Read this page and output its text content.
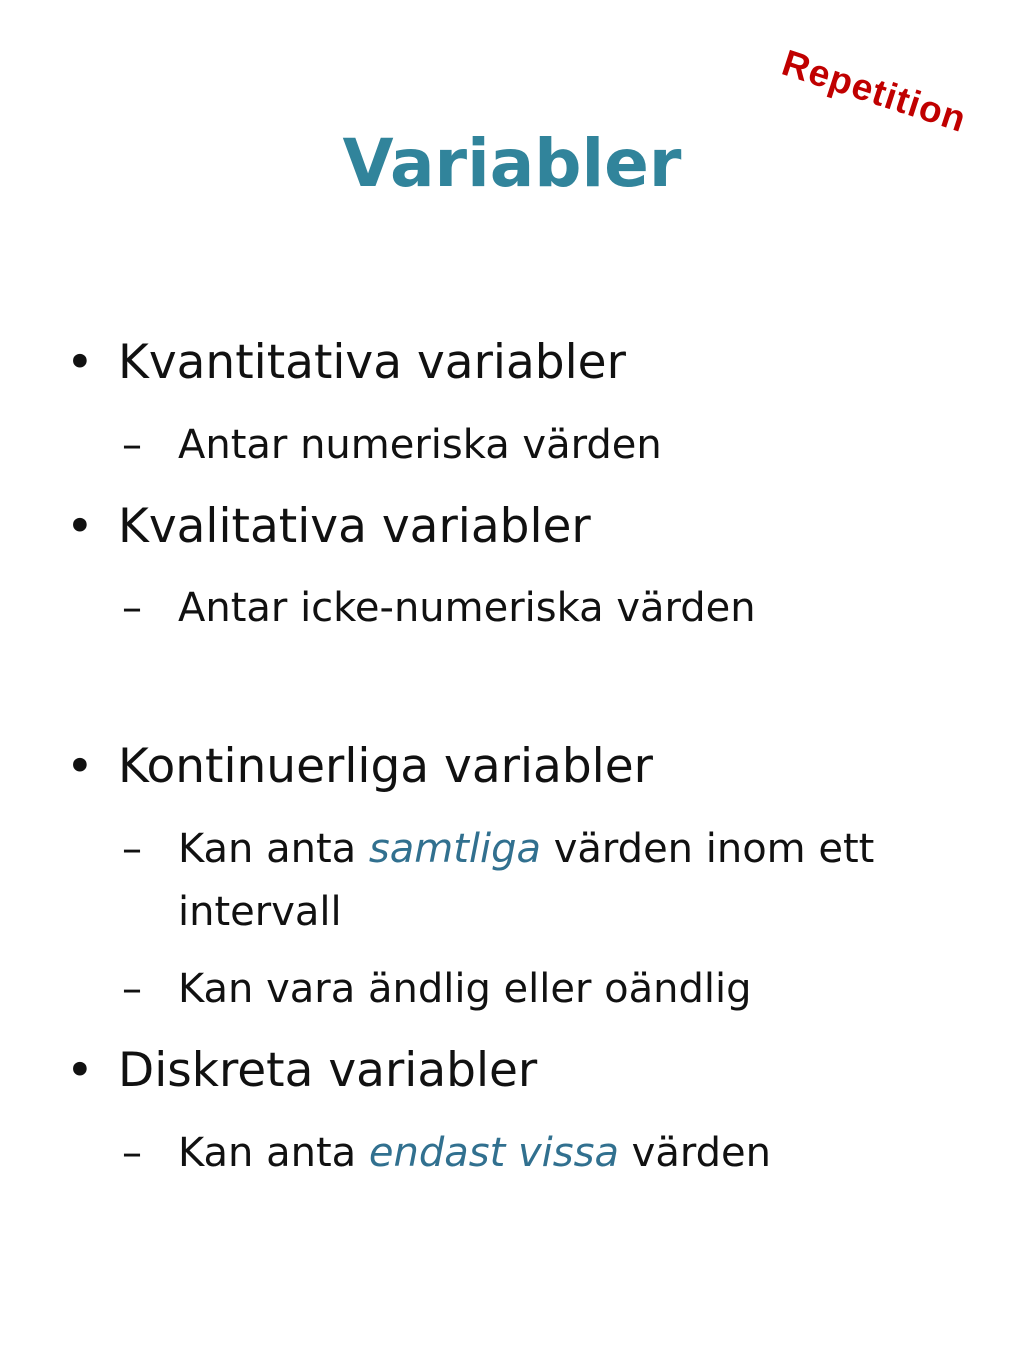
Repetition
Variabler
• Kvantitativa variabler
– Antar numeriska värden
• Kvalitativa variabler
– Antar icke-numeriska värden
• Kontinuerliga variabler
– Kan anta samtliga värden inom ett
intervall
– Kan vara ändlig eller oändlig
• Diskreta variabler
– Kan anta endast vissa värden
